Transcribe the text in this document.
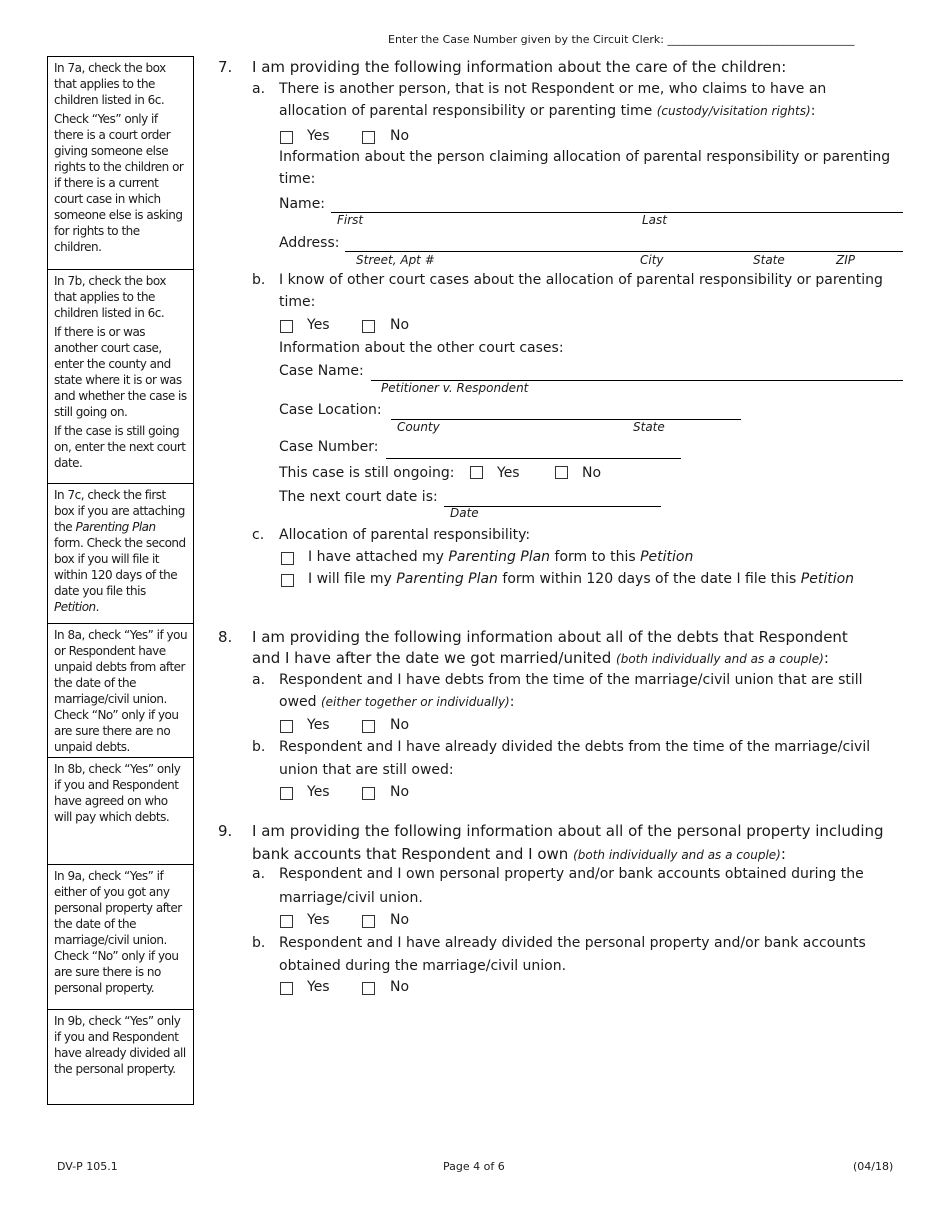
Enter the Case Number given by the Circuit Clerk: __________________________________

In 7a, check the box that applies to the children listed in 6c.

Check “Yes” only if there is a court order giving someone else rights to the children or if there is a current court case in which someone else is asking for rights to the children.

In 7b, check the box that applies to the children listed in 6c.

If there is or was another court case, enter the county and state where it is or was and whether the case is still going on.

If the case is still going on, enter the next court date.

In 7c, check the first box if you are attaching the Parenting Plan form. Check the second box if you will file it within 120 days of the date you file this Petition.

In 8a, check “Yes” if you or Respondent have unpaid debts from after the date of the marriage/civil union. Check “No” only if you are sure there are no unpaid debts.

In 8b, check “Yes” only if you and Respondent have agreed on who will pay which debts.

In 9a, check “Yes” if either of you got any personal property after the date of the marriage/civil union. Check “No” only if you are sure there is no personal property.

In 9b, check “Yes” only if you and Respondent have already divided all the personal property.

7. I am providing the following information about the care of the children:
a. There is another person, that is not Respondent or me, who claims to have an
allocation of parental responsibility or parenting time (custody/visitation rights):
Yes	No
Information about the person claiming allocation of parental responsibility or parenting
time:
Name:
First	Last
Address:
Street, Apt #	City	State	ZIP
b. I know of other court cases about the allocation of parental responsibility or parenting
time:
Yes	No
Information about the other court cases:
Case Name:
Petitioner v. Respondent
Case Location:
County	State
Case Number:
This case is still ongoing:	Yes	No
The next court date is:
Date
c. Allocation of parental responsibility:
I have attached my Parenting Plan form to this Petition
I will file my Parenting Plan form within 120 days of the date I file this Petition
8. I am providing the following information about all of the debts that Respondent
and I have after the date we got married/united (both individually and as a couple):
a. Respondent and I have debts from the time of the marriage/civil union that are still
owed (either together or individually):
Yes	No
b. Respondent and I have already divided the debts from the time of the marriage/civil
union that are still owed:
Yes	No
9. I am providing the following information about all of the personal property including
bank accounts that Respondent and I own (both individually and as a couple):
a. Respondent and I own personal property and/or bank accounts obtained during the
marriage/civil union.
Yes	No
b. Respondent and I have already divided the personal property and/or bank accounts
obtained during the marriage/civil union.
Yes	No
DV-P 105.1	Page 4 of 6	(04/18)
